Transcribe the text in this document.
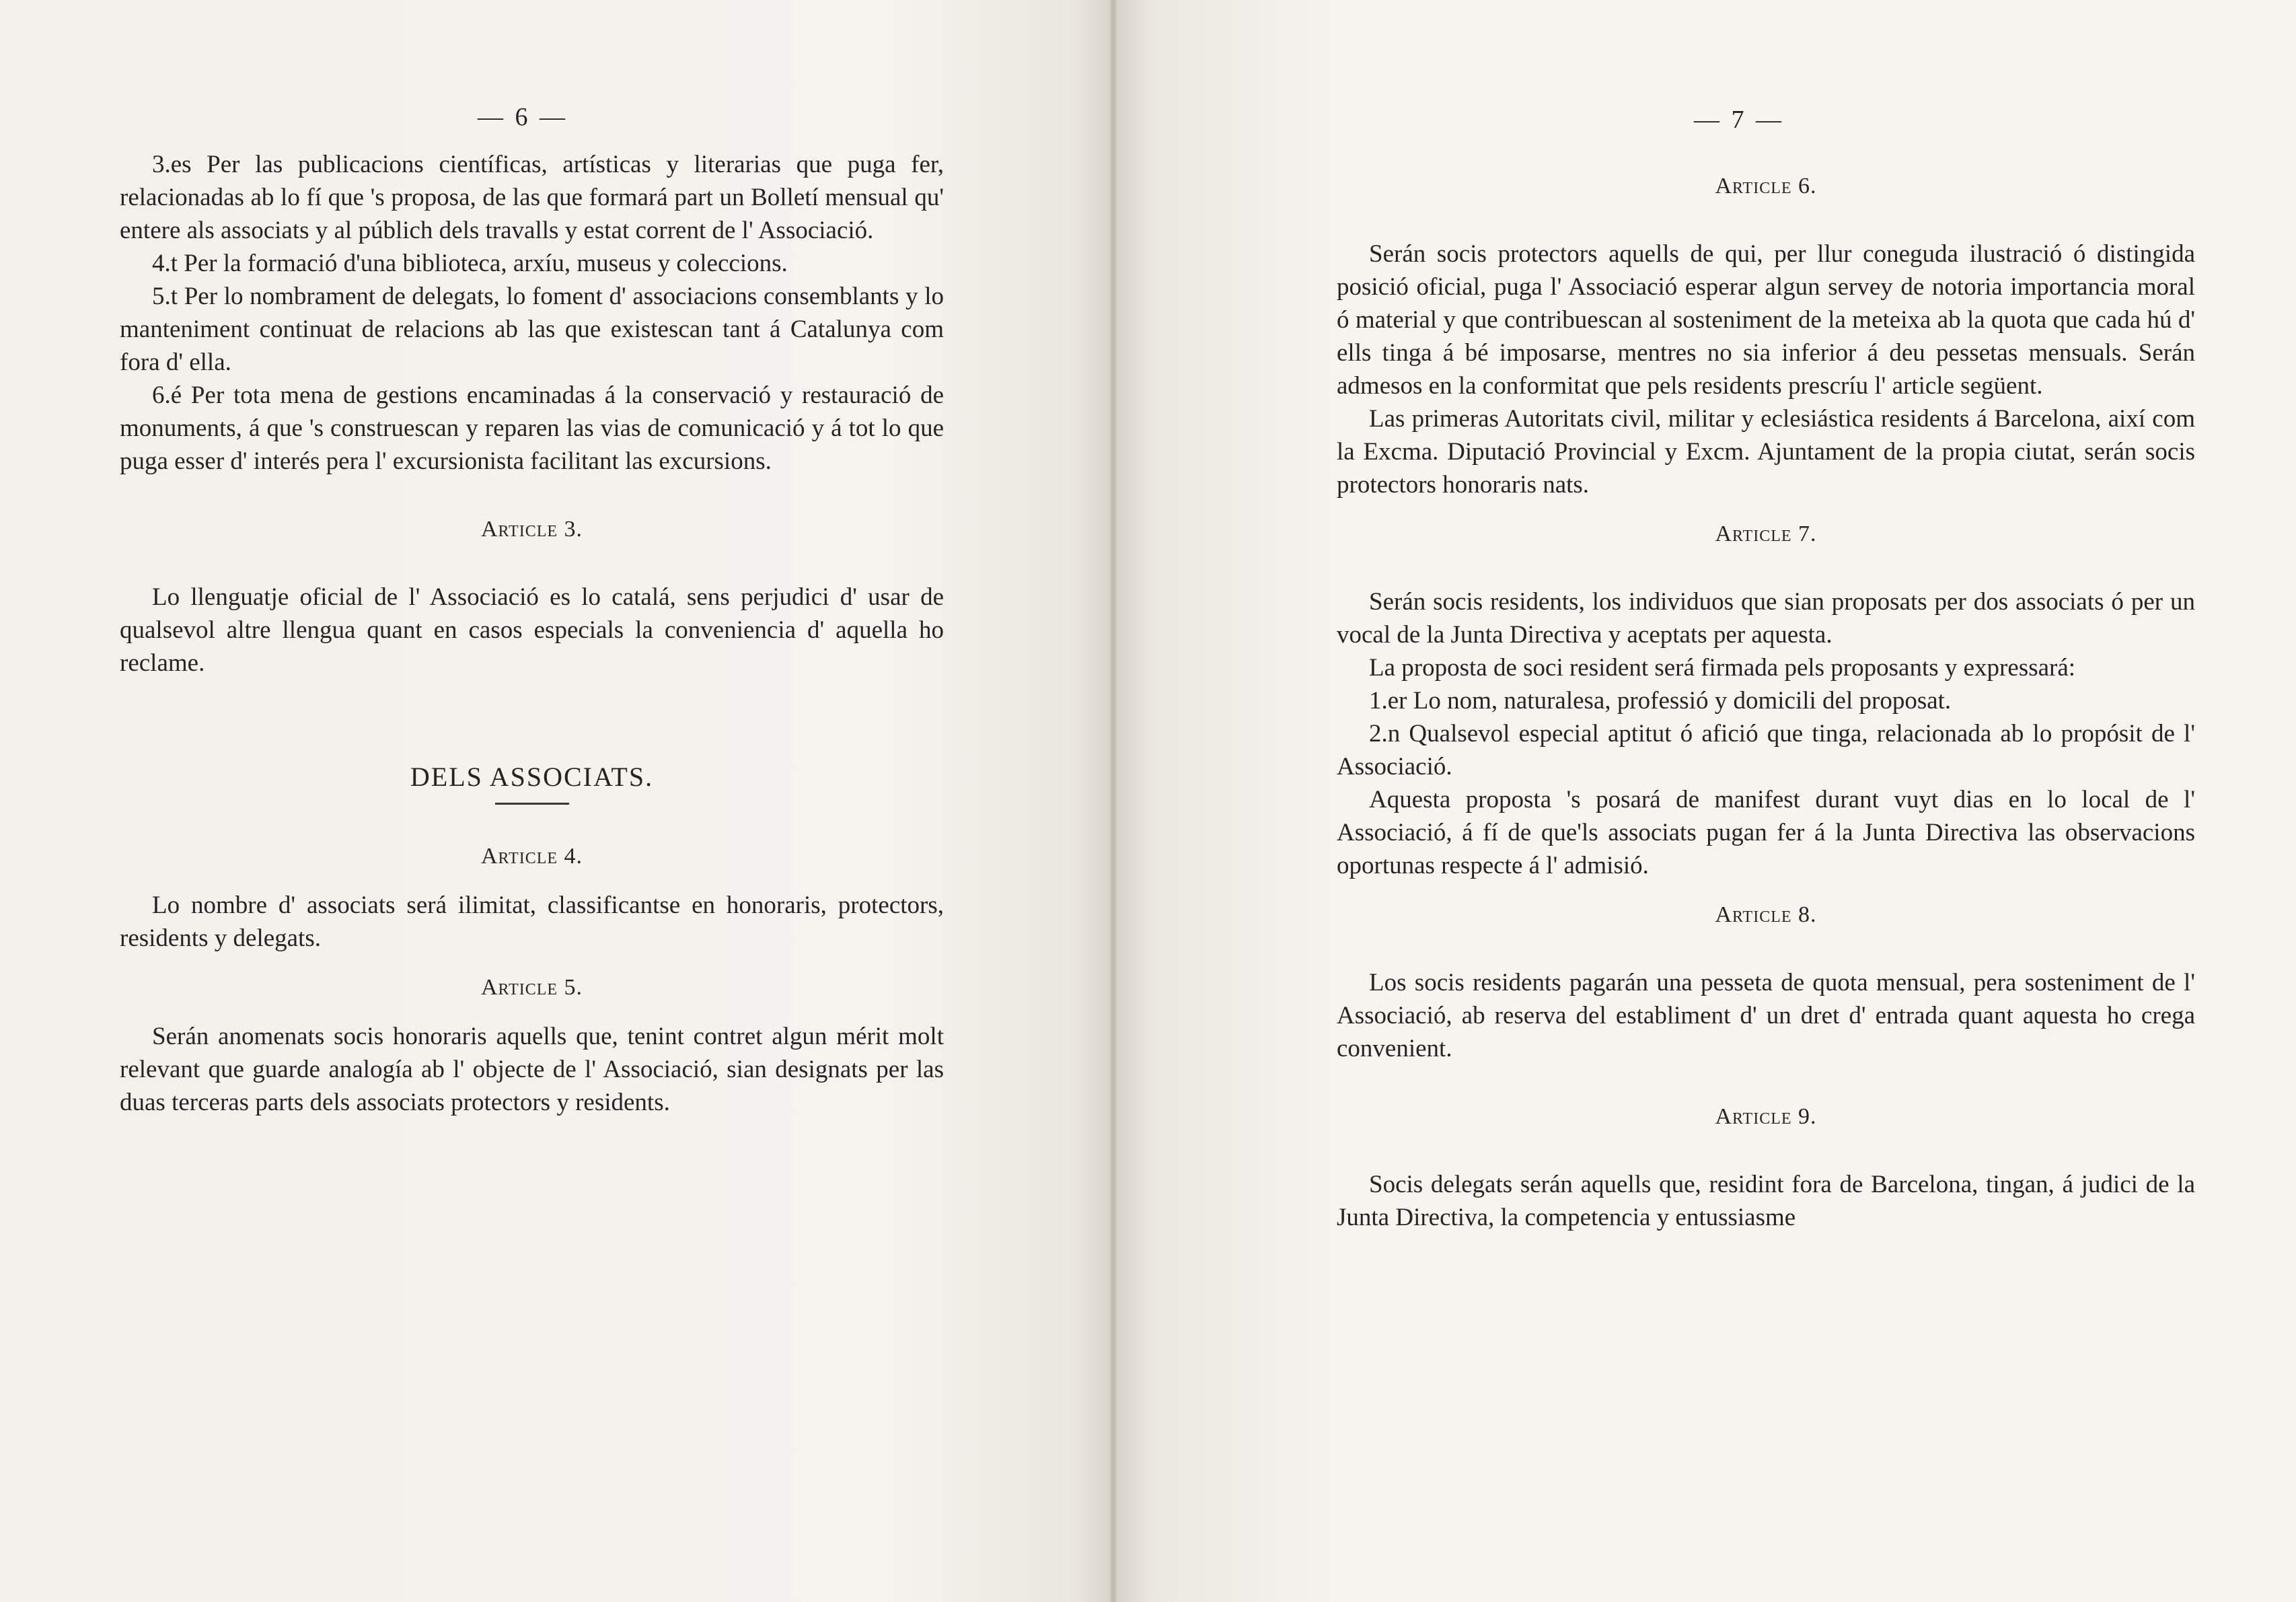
— 6 —

3.es Per las publicacions científicas, artísticas y literarias que puga fer, relacionadas ab lo fí que 's proposa, de las que formará part un Bolletí mensual qu' entere als associats y al públich dels travalls y estat corrent de l' Associació.

4.t Per la formació d'una biblioteca, arxíu, museus y coleccions.

5.t Per lo nombrament de delegats, lo foment d' associacions consemblants y lo manteniment continuat de relacions ab las que existescan tant á Catalunya com fora d' ella.

6.é Per tota mena de gestions encaminadas á la conservació y restauració de monuments, á que 's construescan y reparen las vias de comunicació y á tot lo que puga esser d' interés pera l' excursionista facilitant las excursions.

Article 3.

Lo llenguatje oficial de l' Associació es lo catalá, sens perjudici d' usar de qualsevol altre llengua quant en casos especials la conveniencia d' aquella ho reclame.

DELS ASSOCIATS.

Article 4.

Lo nombre d' associats será ilimitat, classificantse en honoraris, protectors, residents y delegats.

Article 5.

Serán anomenats socis honoraris aquells que, tenint contret algun mérit molt relevant que guarde analogía ab l' objecte de l' Associació, sian designats per las duas terceras parts dels associats protectors y residents.

— 7 —

Article 6.

Serán socis protectors aquells de qui, per llur coneguda ilustració ó distingida posició oficial, puga l' Associació esperar algun servey de notoria importancia moral ó material y que contribuescan al sosteniment de la meteixa ab la quota que cada hú d' ells tinga á bé imposarse, mentres no sia inferior á deu pessetas mensuals. Serán admesos en la conformitat que pels residents prescríu l' article següent.

Las primeras Autoritats civil, militar y eclesiástica residents á Barcelona, així com la Excma. Diputació Provincial y Excm. Ajuntament de la propia ciutat, serán socis protectors honoraris nats.

Article 7.

Serán socis residents, los individuos que sian proposats per dos associats ó per un vocal de la Junta Directiva y aceptats per aquesta.

La proposta de soci resident será firmada pels proposants y expressará:

1.er Lo nom, naturalesa, professió y domicili del proposat.

2.n Qualsevol especial aptitut ó afició que tinga, relacionada ab lo propósit de l' Associació.

Aquesta proposta 's posará de manifest durant vuyt dias en lo local de l' Associació, á fí de que'ls associats pugan fer á la Junta Directiva las observacions oportunas respecte á l' admisió.

Article 8.

Los socis residents pagarán una pesseta de quota mensual, pera sosteniment de l' Associació, ab reserva del establiment d' un dret d' entrada quant aquesta ho crega convenient.

Article 9.

Socis delegats serán aquells que, residint fora de Barcelona, tingan, á judici de la Junta Directiva, la competencia y entussiasme
